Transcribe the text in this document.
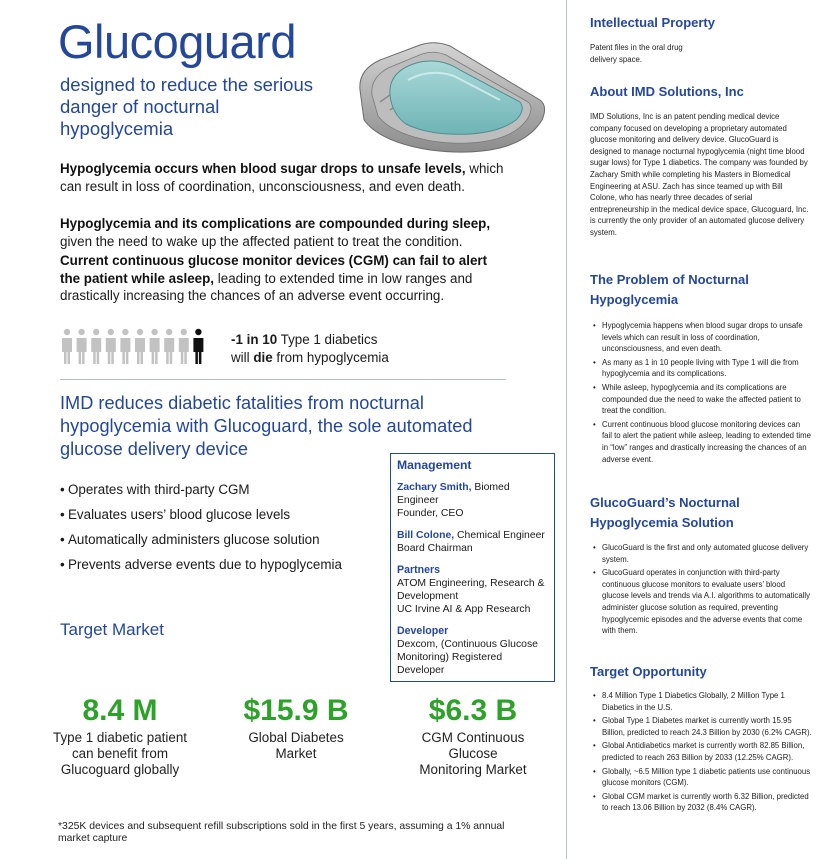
Glucoguard
designed to reduce the serious danger of nocturnal hypoglycemia

Hypoglycemia occurs when blood sugar drops to unsafe levels, which can result in loss of coordination, unconsciousness, and even death.

Hypoglycemia and its complications are compounded during sleep, given the need to wake up the affected patient to treat the condition.

Current continuous glucose monitor devices (CGM) can fail to alert the patient while asleep, leading to extended time in low ranges and drastically increasing the chances of an adverse event occurring.

-1 in 10 Type 1 diabetics
will die from hypoglycemia
IMD reduces diabetic fatalities from nocturnal hypoglycemia with Glucoguard, the sole automated glucose delivery device
• Operates with third-party CGM
• Evaluates users’ blood glucose levels
• Automatically administers glucose solution
• Prevents adverse events due to hypoglycemia
Management
Zachary Smith, Biomed Engineer
Founder, CEO
Bill Colone, Chemical Engineer
Board Chairman
Partners
ATOM Engineering, Research & Development
UC Irvine AI & App Research
Developer
Dexcom, (Continuous Glucose Monitoring) Registered Developer
Target Market
8.4 M
Type 1 diabetic patient can benefit from Glucoguard globally
$15.9 B
Global Diabetes Market
$6.3 B
CGM Continuous Glucose Monitoring Market
*325K devices and subsequent refill subscriptions sold in the first 5 years, assuming a 1% annual market capture
Intellectual Property
Patent files in the oral drug delivery space.
About IMD Solutions, Inc
IMD Solutions, Inc is an patent pending medical device company focused on developing a proprietary automated glucose monitoring and delivery device. GlucoGuard is designed to manage nocturnal hypoglycemia (night time blood sugar lows) for Type 1 diabetics. The company was founded by Zachary Smith while completing his Masters in Biomedical Engineering at ASU. Zach has since teamed up with Bill Colone, who has nearly three decades of serial entrepreneurship in the medical device space, Glucoguard, Inc. is currently the only provider of an automated glucose delivery system.
The Problem of Nocturnal Hypoglycemia
• Hypoglycemia happens when blood sugar drops to unsafe levels which can result in loss of coordination, unconsciousness, and even death.
• As many as 1 in 10 people living with Type 1 will die from hypoglycemia and its complications.
• While asleep, hypoglycemia and its complications are compounded due the need to wake the affected patient to treat the condition.
• Current continuous blood glucose monitoring devices can fail to alert the patient while asleep, leading to extended time in “low” ranges and drastically increasing the chances of an adverse event.
GlucoGuard’s Nocturnal Hypoglycemia Solution
• GlucoGuard is the first and only automated glucose delivery system.
• GlucoGuard operates in conjunction with third-party continuous glucose monitors to evaluate users’ blood glucose levels and trends via A.I. algorithms to automatically administer glucose solution as required, preventing hypoglycemic episodes and the adverse events that come with them.
Target Opportunity
• 8.4 Million Type 1 Diabetics Globally, 2 Million Type 1 Diabetics in the U.S.
• Global Type 1 Diabetes market is currently worth 15.95 Billion, predicted to reach 24.3 Billion by 2030 (6.2% CAGR).
• Global Antidiabetics market is currently worth 82.85 Billion, predicted to reach 263 Billion by 2033 (12.25% CAGR).
• Globally, ~6.5 Million type 1 diabetic patients use continuous glucose monitors (CGM).
• Global CGM market is currently worth 6.32 Billion, predicted to reach 13.06 Billion by 2032 (8.4% CAGR).
